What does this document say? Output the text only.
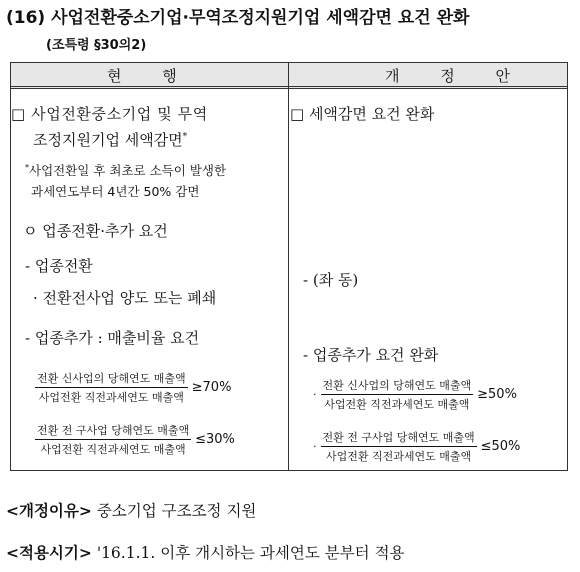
(16) 사업전환중소기업·무역조정지원기업 세액감면 요건 완화
(조특령 §30의2)
현 행	개 정 안
□ 사업전환중소기업 및 무역
조정지원기업 세액감면*
*사업전환일 후 최초로 소득이 발생한
과세연도부터 4년간 50% 감면
ㅇ 업종전환·추가 요건
- 업종전환
· 전환전사업 양도 또는 폐쇄
- 업종추가 : 매출비율 요건
$\frac{\text{전환 신사업의 당해연도 매출액}}{\text{사업전환 직전과세연도 매출액}} \ge 70\%$
$\frac{\text{전환 전 구사업 당해연도 매출액}}{\text{사업전환 직전과세연도 매출액}} \le 30\%$
□ 세액감면 요건 완화
- (좌 동)
- 업종추가 요건 완화
· $\frac{\text{전환 신사업의 당해연도 매출액}}{\text{사업전환 직전과세연도 매출액}} \ge 50\%$
· $\frac{\text{전환 전 구사업 당해연도 매출액}}{\text{사업전환 직전과세연도 매출액}} \le 50\%$
<개정이유> 중소기업 구조조정 지원
<적용시기> '16.1.1. 이후 개시하는 과세연도 분부터 적용
